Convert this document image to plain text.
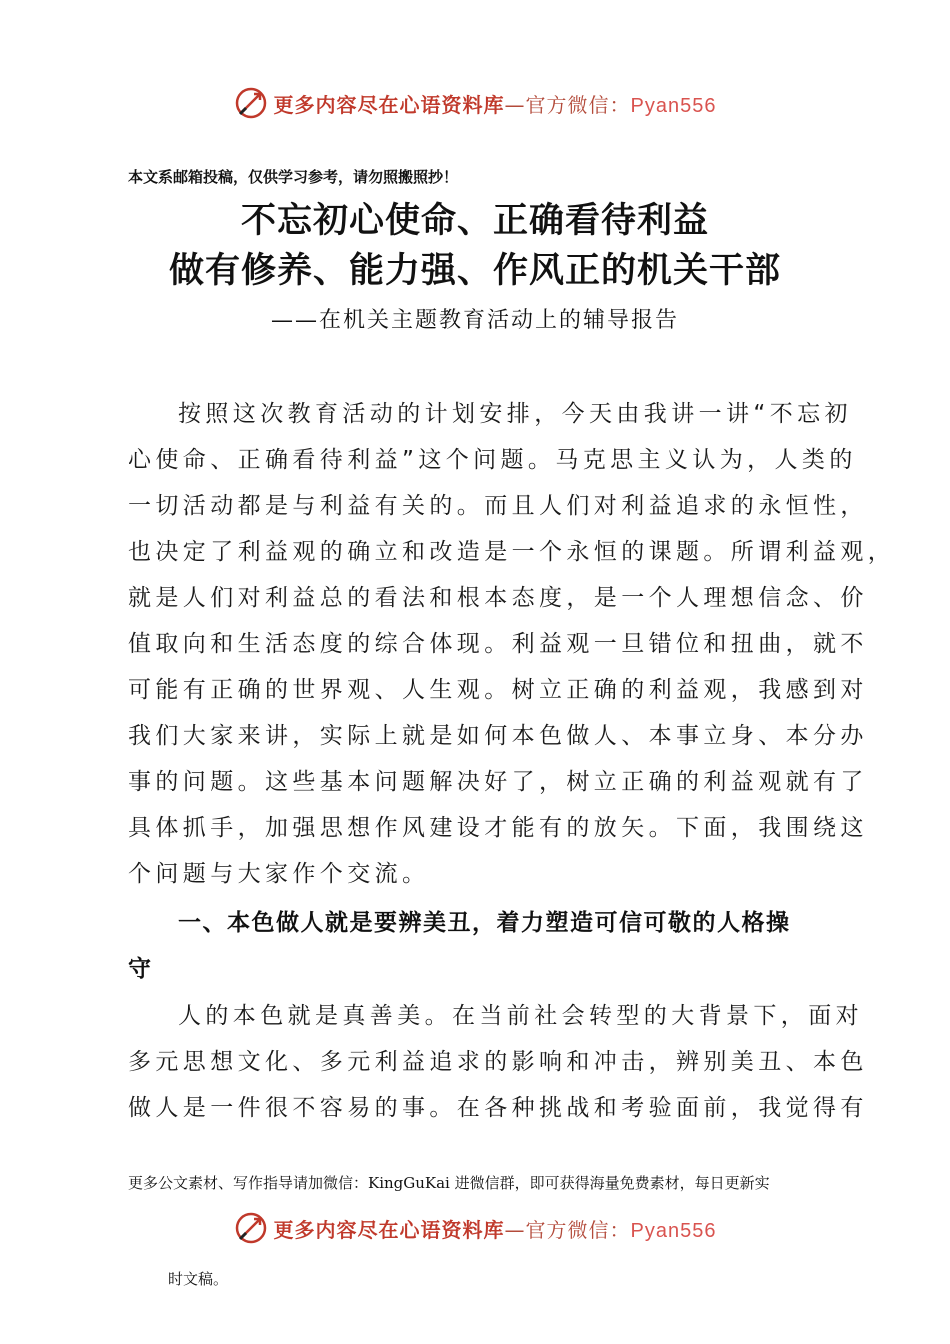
更多内容尽在心语资料库—官方微信：Pyan556
本文系邮箱投稿，仅供学习参考，请勿照搬照抄！
不忘初心使命、正确看待利益
做有修养、能力强、作风正的机关干部
——在机关主题教育活动上的辅导报告
按照这次教育活动的计划安排，今天由我讲一讲“不忘初
心使命、正确看待利益”这个问题。马克思主义认为，人类的
一切活动都是与利益有关的。而且人们对利益追求的永恒性，
也决定了利益观的确立和改造是一个永恒的课题。所谓利益观，
就是人们对利益总的看法和根本态度，是一个人理想信念、价
值取向和生活态度的综合体现。利益观一旦错位和扭曲，就不
可能有正确的世界观、人生观。树立正确的利益观，我感到对
我们大家来讲，实际上就是如何本色做人、本事立身、本分办
事的问题。这些基本问题解决好了，树立正确的利益观就有了
具体抓手，加强思想作风建设才能有的放矢。下面，我围绕这
个问题与大家作个交流。
一、本色做人就是要辨美丑，着力塑造可信可敬的人格操
守
人的本色就是真善美。在当前社会转型的大背景下，面对
多元思想文化、多元利益追求的影响和冲击，辨别美丑、本色
做人是一件很不容易的事。在各种挑战和考验面前，我觉得有
更多公文素材、写作指导请加微信：KingGuKai 进微信群，即可获得海量免费素材，每日更新实
更多内容尽在心语资料库—官方微信：Pyan556
时文稿。
